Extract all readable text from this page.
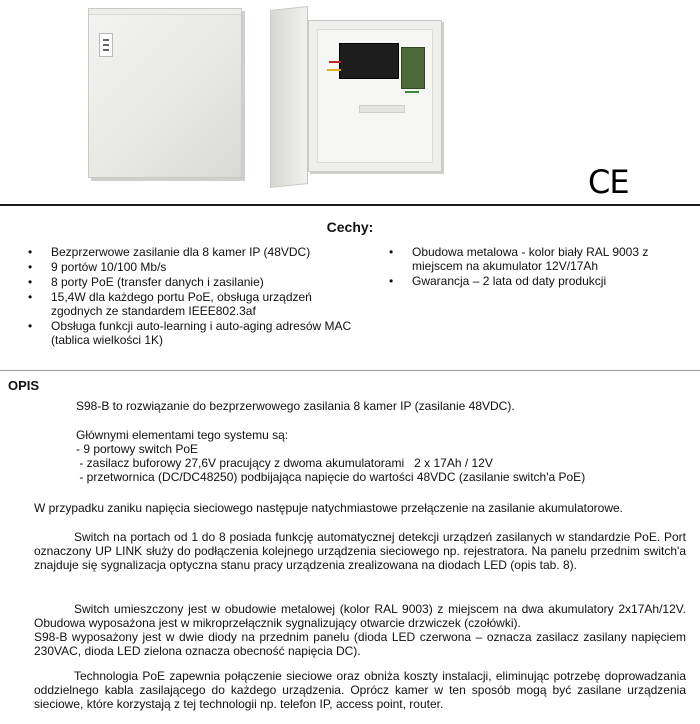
CE
Cechy:
• Bezprzerwowe zasilanie dla 8 kamer IP (48VDC)
• 9 portów 10/100 Mb/s
• 8 porty PoE (transfer danych i zasilanie)
• 15,4W dla każdego portu PoE, obsługa urządzeń zgodnych ze standardem IEEE802.3af
• Obsługa funkcji auto-learning i auto-aging adresów MAC (tablica wielkości 1K)
• Obudowa metalowa - kolor biały RAL 9003 z miejscem na akumulator 12V/17Ah
• Gwarancja – 2 lata od daty produkcji
OPIS
S98-B to rozwiązanie do bezprzerwowego zasilania 8 kamer IP (zasilanie 48VDC).
Głównymi elementami tego systemu są:
- 9 portowy switch PoE
- zasilacz buforowy 27,6V pracujący z dwoma akumulatorami   2 x 17Ah / 12V
- przetwornica (DC/DC48250) podbijająca napięcie do wartości 48VDC (zasilanie switch'a PoE)
W przypadku zaniku napięcia sieciowego następuje natychmiastowe przełączenie na zasilanie akumulatorowe.
Switch na portach od 1 do 8 posiada funkcję automatycznej detekcji urządzeń zasilanych w standardzie PoE. Port oznaczony UP LINK służy do podłączenia kolejnego urządzenia sieciowego np. rejestratora. Na panelu przednim switch'a znajduje się sygnalizacja optyczna stanu pracy urządzenia zrealizowana na diodach LED (opis tab. 8).
Switch umieszczony jest w obudowie metalowej (kolor RAL 9003) z miejscem na dwa akumulatory 2x17Ah/12V. Obudowa wyposażona jest w mikroprzełącznik sygnalizujący otwarcie drzwiczek (czołówki).
S98-B wyposażony jest w dwie diody na przednim panelu (dioda LED czerwona – oznacza zasilacz zasilany napięciem 230VAC, dioda LED zielona oznacza obecność napięcia DC).
Technologia PoE zapewnia połączenie sieciowe oraz obniża koszty instalacji, eliminując potrzebę doprowadzania oddzielnego kabla zasilającego do każdego urządzenia. Oprócz kamer w ten sposób mogą być zasilane urządzenia sieciowe, które korzystają z tej technologii np. telefon IP, access point, router.
